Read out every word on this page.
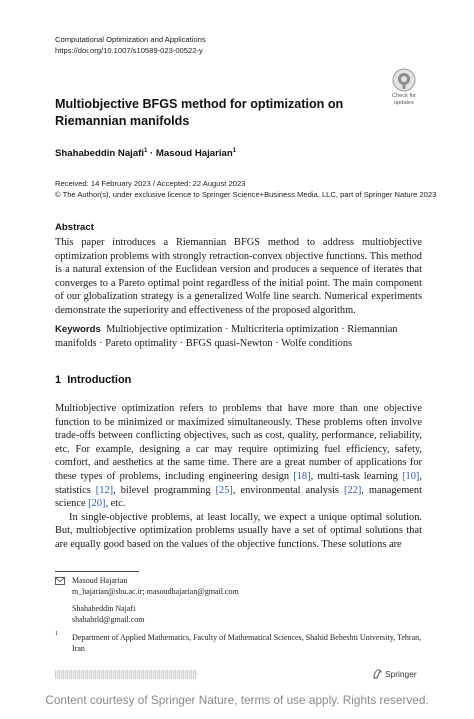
Computational Optimization and Applications
https://doi.org/10.1007/s10589-023-00522-y
Check for
updates
Multiobjective BFGS method for optimization on Riemannian manifolds
Shahabeddin Najafi$^1$ · Masoud Hajarian$^1$
Received: 14 February 2023 / Accepted: 22 August 2023
© The Author(s), under exclusive licence to Springer Science+Business Media, LLC, part of Springer Nature 2023
Abstract
This paper introduces a Riemannian BFGS method to address multiobjective optimization problems with strongly retraction-convex objective functions. This method is a natural extension of the Euclidean version and produces a sequence of iterates that converges to a Pareto optimal point regardless of the initial point. The main component of our globalization strategy is a generalized Wolfe line search. Numerical experiments demonstrate the superiority and effectiveness of the proposed algorithm.
Keywords Multiobjective optimization · Multicriteria optimization · Riemannian manifolds · Pareto optimality · BFGS quasi-Newton · Wolfe conditions
1 Introduction

Multiobjective optimization refers to problems that have more than one objective function to be minimized or maximized simultaneously. These problems often involve trade-offs between conflicting objectives, such as cost, quality, performance, reliability, etc. For example, designing a car may require optimizing fuel efficiency, safety, comfort, and aesthetics at the same time. There are a great number of applications for these types of problems, including engineering design [18], multi-task learning [10], statistics [12], bilevel programming [25], environmental analysis [22], management science [20], etc.

In single-objective problems, at least locally, we expect a unique optimal solution. But, multiobjective optimization problems usually have a set of optimal solutions that are equally good based on the values of the objective functions. These solutions are

Masoud Hajarian
m_hajarian@sbu.ac.ir; masoudhajarian@gmail.com
Shahabeddin Najafi
shahabrld@gmail.com
1 Department of Applied Mathematics, Faculty of Mathematical Sciences, Shahid Beheshti University, Tehran, Iran
Springer
Content courtesy of Springer Nature, terms of use apply. Rights reserved.
